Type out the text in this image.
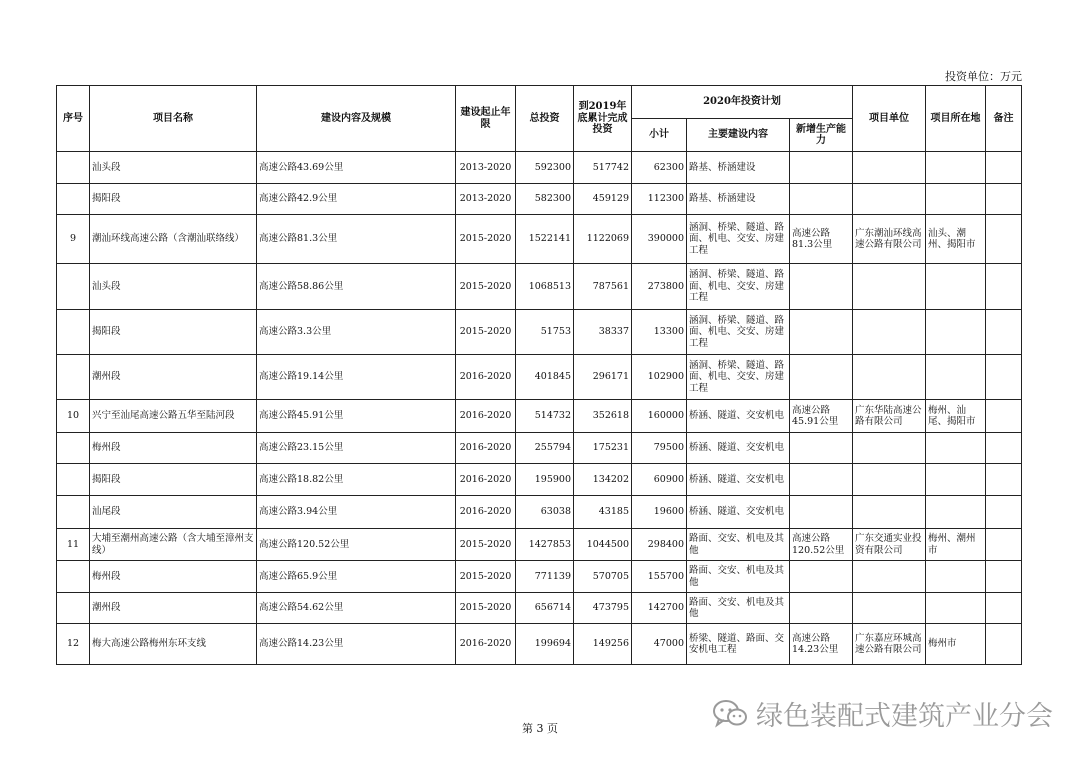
投资单位：万元
序号	项目名称	建设内容及规模	建设起止年限	总投资	到2019年底累计完成投资	2020年投资计划			项目单位	项目所在地	备注
						小计	主要建设内容	新增生产能力			
	汕头段	高速公路43.69公里	2013-2020	592300	517742	62300	路基、桥涵建设				
	揭阳段	高速公路42.9公里	2013-2020	582300	459129	112300	路基、桥涵建设				
9	潮汕环线高速公路（含潮汕联络线）	高速公路81.3公里	2015-2020	1522141	1122069	390000	涵洞、桥梁、隧道、路面、机电、交安、房建工程	高速公路81.3公里	广东潮汕环线高速公路有限公司	汕头、潮州、揭阳市	
	汕头段	高速公路58.86公里	2015-2020	1068513	787561	273800	涵洞、桥梁、隧道、路面、机电、交安、房建工程				
	揭阳段	高速公路3.3公里	2015-2020	51753	38337	13300	涵洞、桥梁、隧道、路面、机电、交安、房建工程				
	潮州段	高速公路19.14公里	2016-2020	401845	296171	102900	涵洞、桥梁、隧道、路面、机电、交安、房建工程				
10	兴宁至汕尾高速公路五华至陆河段	高速公路45.91公里	2016-2020	514732	352618	160000	桥涵、隧道、交安机电	高速公路45.91公里	广东华陆高速公路有限公司	梅州、汕尾、揭阳市	
	梅州段	高速公路23.15公里	2016-2020	255794	175231	79500	桥涵、隧道、交安机电				
	揭阳段	高速公路18.82公里	2016-2020	195900	134202	60900	桥涵、隧道、交安机电				
	汕尾段	高速公路3.94公里	2016-2020	63038	43185	19600	桥涵、隧道、交安机电				
11	大埔至潮州高速公路（含大埔至漳州支线）	高速公路120.52公里	2015-2020	1427853	1044500	298400	路面、交安、机电及其他	高速公路120.52公里	广东交通实业投资有限公司	梅州、潮州市	
	梅州段	高速公路65.9公里	2015-2020	771139	570705	155700	路面、交安、机电及其他				
	潮州段	高速公路54.62公里	2015-2020	656714	473795	142700	路面、交安、机电及其他				
12	梅大高速公路梅州东环支线	高速公路14.23公里	2016-2020	199694	149256	47000	桥梁、隧道、路面、交安机电工程	高速公路14.23公里	广东嘉应环城高速公路有限公司	梅州市	
第 3 页	绿色装配式建筑产业分会
